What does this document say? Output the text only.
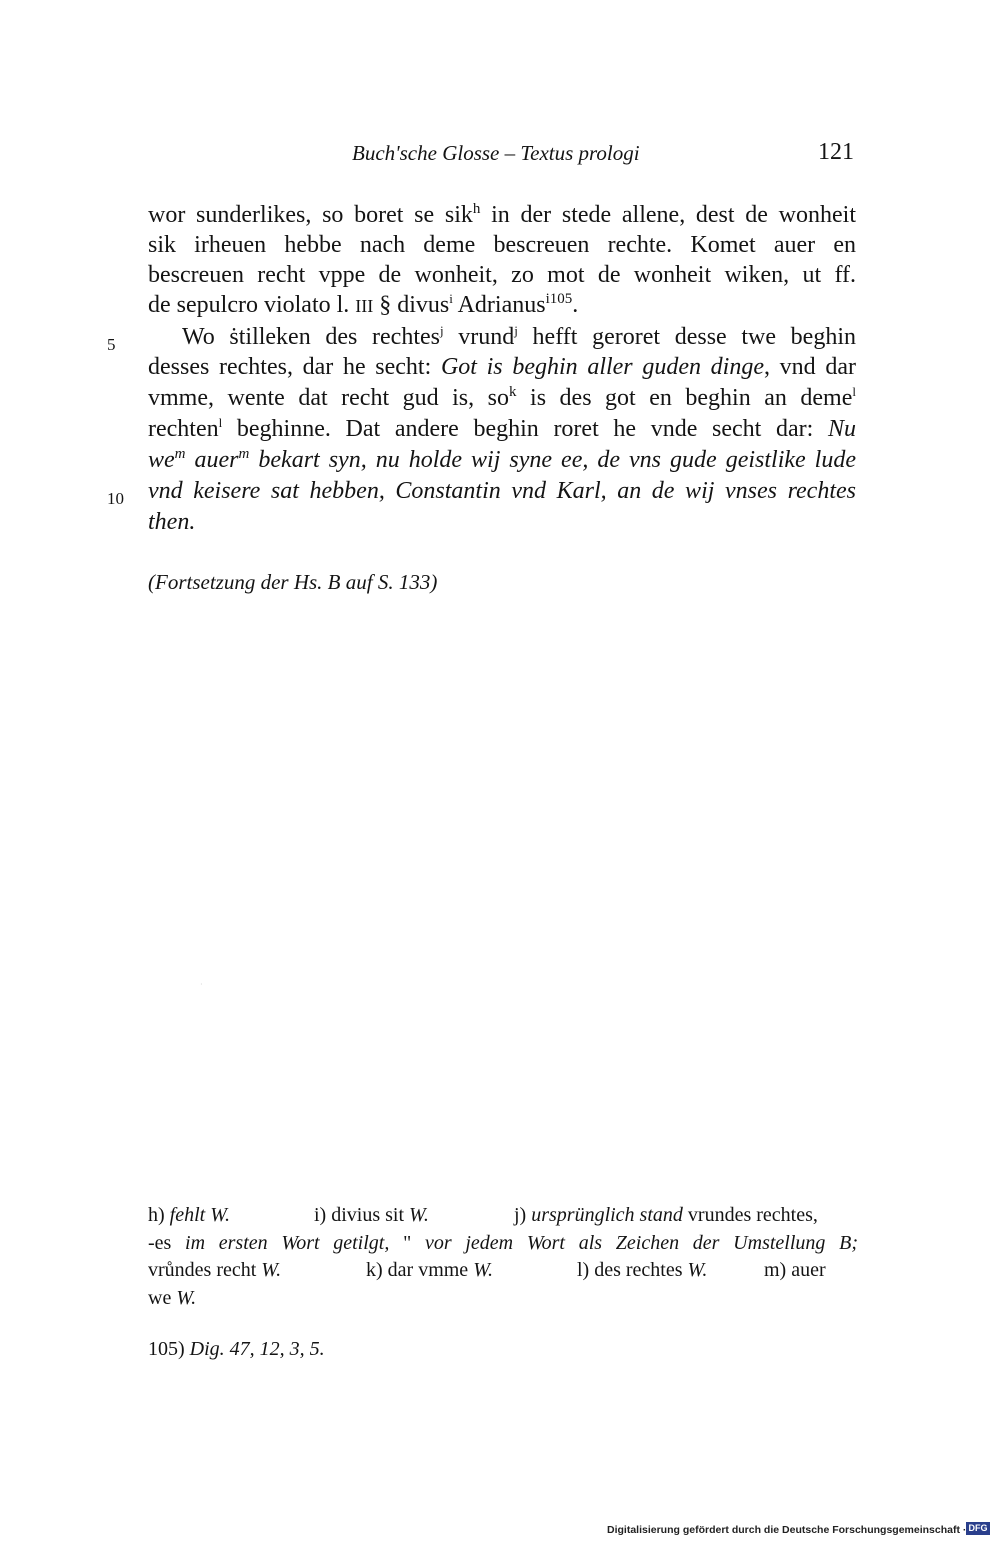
Buch'sche Glosse – Textus prologi	121
wor sunderlikes, so boret se sik$^h$ in der stede allene, dest de wonheit
sik irheuen hebbe nach deme bescreuen rechte. Komet auer en
bescreuen recht vppe de wonheit, zo mot de wonheit wiken, ut ff.
de sepulcro violato l. III § divus$^i$ Adrianus$^{i105}$.
5	Wo ṡtilleken des rechtes$^j$ vrund$^j$ hefft geroret desse twe beghin
desses rechtes, dar he secht: Got is beghin aller guden dinge, vnd dar
vmme, wente dat recht gud is, $so^k$ is des got en beghin an deme$^l$
rechten$^l$ beghinne. Dat andere beghin roret he vnde secht dar: Nu
$we^m$ auer$^m$ bekart syn, nu holde wij syne ee, de vns gude geistlike lude
10 vnd keisere sat hebben, Constantin vnd Karl, an de wij vnses rechtes
then.
(Fortsetzung der Hs. B auf S. 133)
·
h) fehlt W.	i) divius sit W.	j) ursprünglich stand vrundes rechtes,
-es im ersten Wort getilgt, " vor jedem Wort als Zeichen der Umstellung B;
vrůndes recht W.	k) dar vmme W.	l) des rechtes W.	m) auer
we W.
105) Dig. 47, 12, 3, 5.
Digitalisierung gefördert durch die Deutsche Forschungsgemeinschaft · DFG
